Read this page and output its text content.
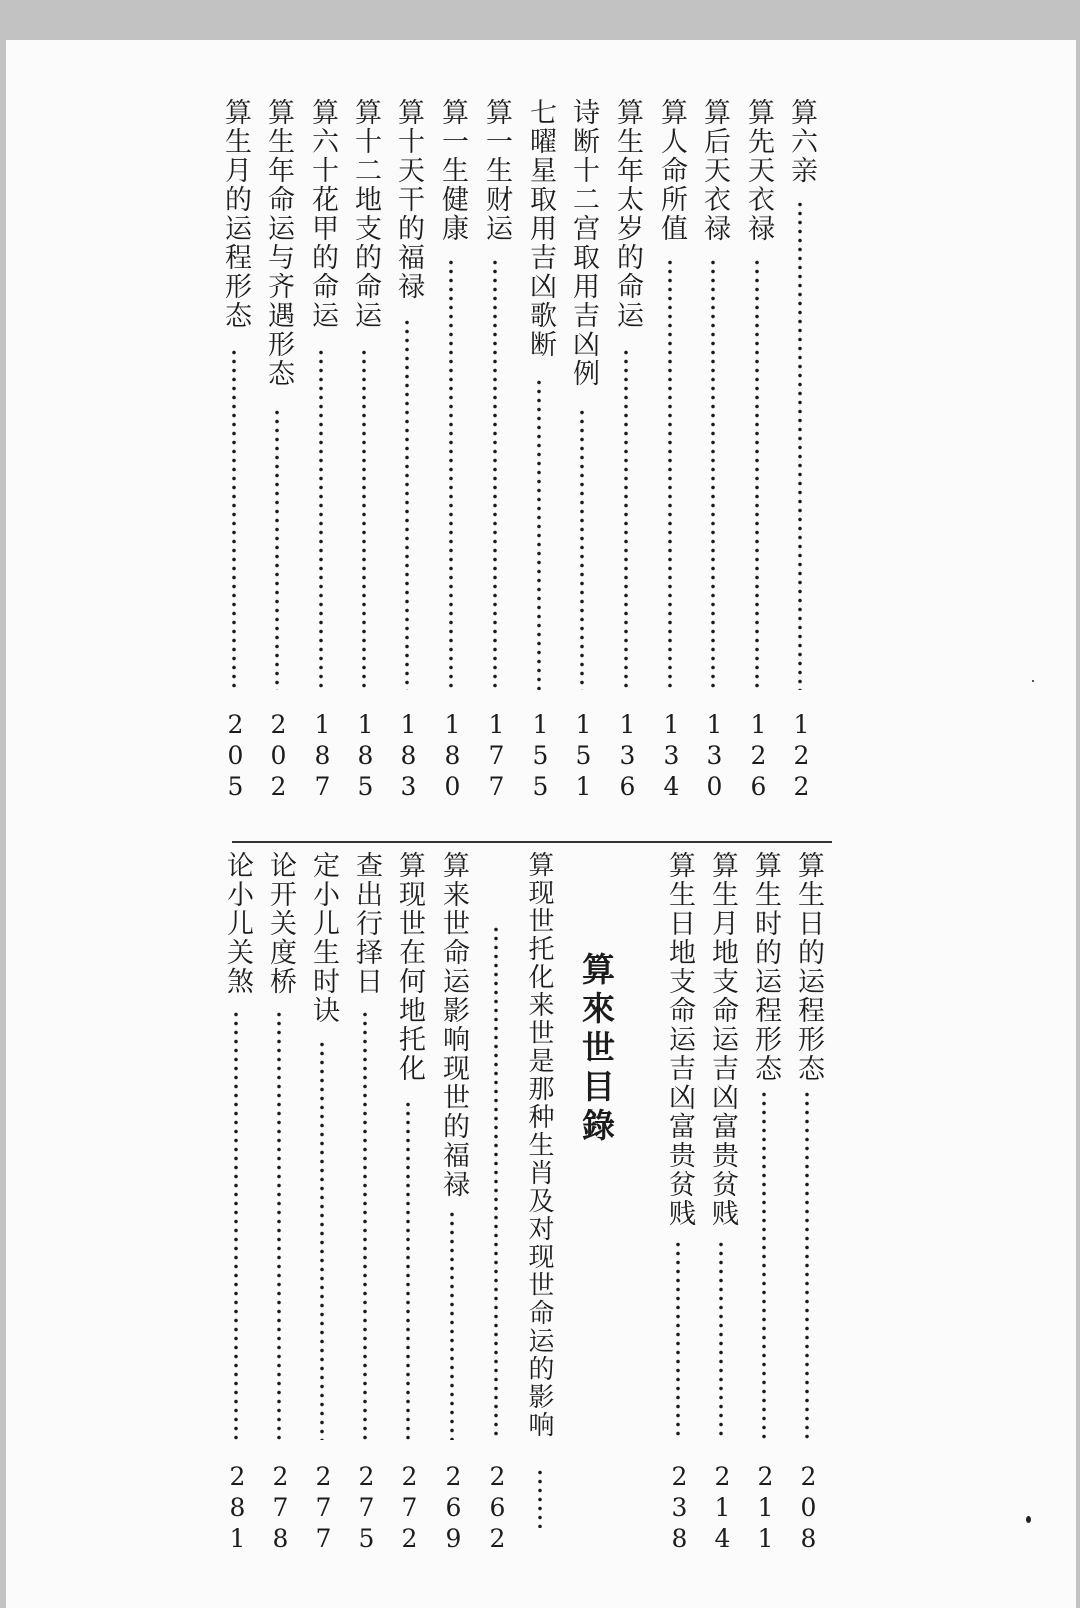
算六亲
122
算先天衣禄
126
算后天衣禄
130
算人命所值
134
算生年太岁的命运
136
诗断十二宫取用吉凶例
151
七曜星取用吉凶歌断
155
算一生财运
177
算一生健康
180
算十天干的福禄
183
算十二地支的命运
185
算六十花甲的命运
187
算生年命运与齐遇形态
202
算生月的运程形态
205
算生日的运程形态
208
算生时的运程形态
211
算生月地支命运吉凶富贵贫贱
214
算生日地支命运吉凶富贵贫贱
238
算來世目錄
算现世托化来世是那种生肖及对现世命运的影响
262
算来世命运影响现世的福禄
269
算现世在何地托化
272
查出行择日
275
定小儿生时诀
277
论开关度桥
278
论小儿关煞
281
